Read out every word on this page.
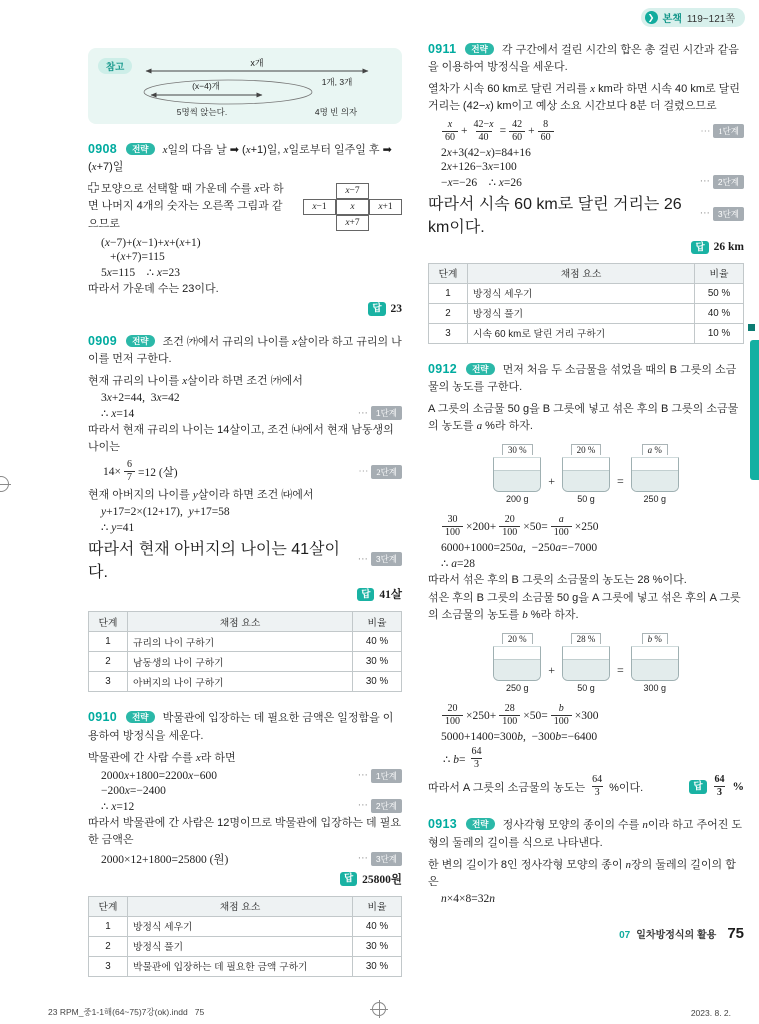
❯ 본책 119~121쪽
참고	x개
(x−4)개	1개, 3개
5명씩 앉는다.	4명 빈 의자
0908 전략 x일의 다음 날 ➡ (x+1)일, x일로부터 일주일 후 ➡ (x+7)일
x −7
x −1	x x +1
x +7
모양으로 선택할 때 가운데 수를 x라 하면 나머지 4개의 숫자는 오른쪽 그림과 같으므로
(x−7)+(x−1)+x+(x+1)
+(x+7)=115
5x=115    ∴ x=23
따라서 가운데 수는 23이다.
답 23
0909 전략 조건 ㈎에서 규리의 나이를 x살이라 하고 규리의 나이를 먼저 구한다.
현재 규리의 나이를 x살이라 하면 조건 ㈎에서
3x+2=44,  3x=42
∴ x=14	⋯ 1단계
따라서 현재 규리의 나이는 14살이고, 조건 ㈏에서 현재 남동생의 나이는
$14\times \frac{6}{7} =12$ (살)	⋯ 2단계
현재 아버지의 나이를 y살이라 하면 조건 ㈐에서
y+17=2×(12+17),  y+17=58
∴ y=41
따라서 현재 아버지의 나이는 41살이다.
⋯ 3단계
답 41살
단계	채점 요소	비율
1	규리의 나이 구하기	40 %
2	남동생의 나이 구하기	30 %
3	아버지의 나이 구하기	30 %
0910 전략 박물관에 입장하는 데 필요한 금액은 일정함을 이용하여 방정식을 세운다.
박물관에 간 사람 수를 x라 하면
2000x+1800=2200x−600	⋯ 1단계
−200x=−2400
∴ x=12	⋯ 2단계
따라서 박물관에 간 사람은 12명이므로 박물관에 입장하는 데 필요한 금액은
2000×12+1800=25800 (원)	⋯ 3단계
답 25800원
단계	채점 요소	비율
1	방정식 세우기	40 %
2	방정식 풀기	30 %
3	박물관에 입장하는 데 필요한 금액 구하기	30 %
0911 전략 각 구간에서 걸린 시간의 합은 총 걸린 시간과 같음을 이용하여 방정식을 세운다.
열차가 시속 60 km로 달린 거리를 x km라 하면 시속 40 km로 달린 거리는 (42−x) km이고 예상 소요 시간보다 8분 더 걸렸으므로
$\frac{x}{60} + \frac{42-x}{40} = \frac{42}{60} + \frac{8}{60}$	⋯ 1단계
2x+3(42−x)=84+16
2x+126−3x=100
−x=−26    ∴ x=26	⋯ 2단계
따라서 시속 60 km로 달린 거리는 26 km이다.
⋯ 3단계
답 26 km
단계	채점 요소	비율
1	방정식 세우기	50 %
2	방정식 풀기	40 %
3	시속 60 km로 달린 거리 구하기	10 %
0912 전략 먼저 처음 두 소금물을 섞었을 때의 B 그릇의 소금물의 농도를 구한다.
A 그릇의 소금물 50 g을 B 그릇에 넣고 섞은 후의 B 그릇의 소금물의 농도를 a %라 하자.
30 %
200 g
+
20 %
50 g
=
a %
250 g
$\frac{30}{100} \times 200+ \frac{20}{100} \times 50= \frac{a}{100} \times 250$
6000+1000=250a,  −250a=−7000
∴ a=28
따라서 섞은 후의 B 그릇의 소금물의 농도는 28 %이다.
섞은 후의 B 그릇의 소금물 50 g을 A 그릇에 넣고 섞은 후의 A 그릇의 소금물의 농도를 b %라 하자.
20 %
250 g
+
28 %
50 g
=
b %
300 g
$\frac{20}{100} \times 250+ \frac{28}{100} \times 50= \frac{b}{100} \times 300$
5000+1400=300b,  −300b=−6400
∴ $b= \frac{64}{3}$
따라서 A 그릇의 소금물의 농도는 $\frac{64}{3}$ %이다.	답 $\frac{64}{3}$ %
0913 전략 정사각형 모양의 종이의 수를 n이라 하고 주어진 도형의 둘레의 길이를 식으로 나타낸다.
한 변의 길이가 8인 정사각형 모양의 종이 n장의 둘레의 길이의 합은
n×4×8=32n
07 일차방정식의 활용 75
23 RPM_중1-1해(64~75)7강(ok).indd   75	2023. 8. 2.
